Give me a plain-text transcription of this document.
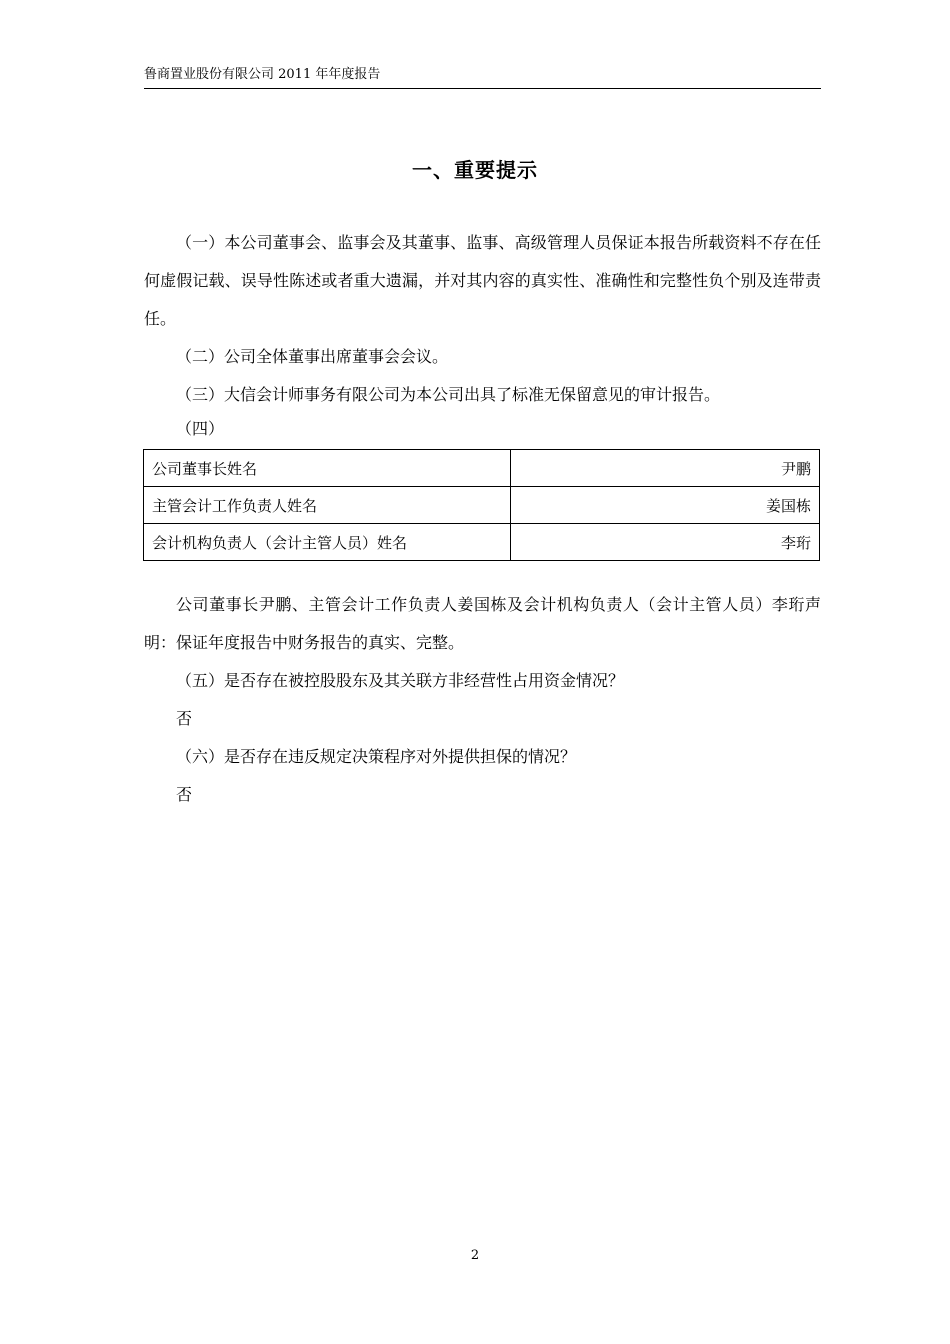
鲁商置业股份有限公司 2011 年年度报告
一、重要提示

（一）本公司董事会、监事会及其董事、监事、高级管理人员保证本报告所载资料不存在任何虚假记载、误导性陈述或者重大遗漏，并对其内容的真实性、准确性和完整性负个别及连带责任。

（二）公司全体董事出席董事会会议。

（三）大信会计师事务有限公司为本公司出具了标准无保留意见的审计报告。

（四）

公司董事长姓名	尹鹏
主管会计工作负责人姓名	姜国栋
会计机构负责人（会计主管人员）姓名	李珩

公司董事长尹鹏、主管会计工作负责人姜国栋及会计机构负责人（会计主管人员）李珩声明：保证年度报告中财务报告的真实、完整。

（五）是否存在被控股股东及其关联方非经营性占用资金情况？

否

（六）是否存在违反规定决策程序对外提供担保的情况？

否

2
